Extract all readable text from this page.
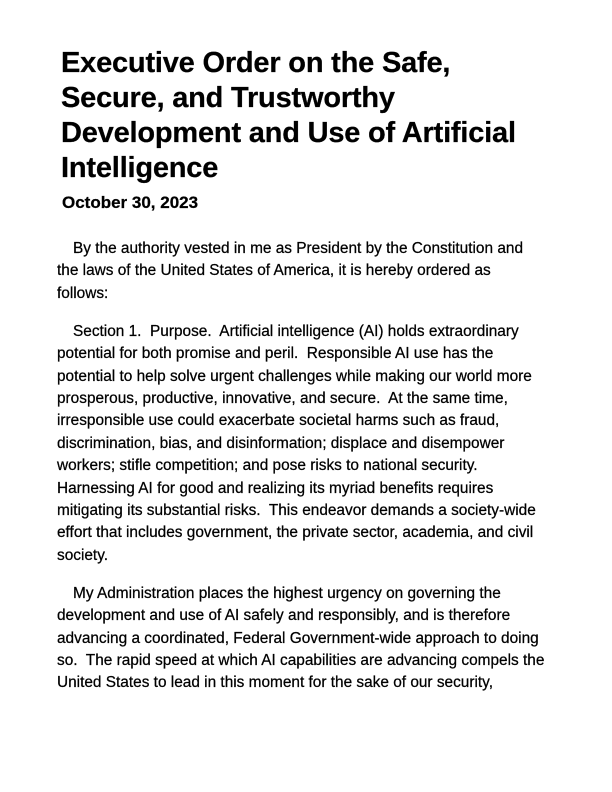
Executive Order on the Safe,
Secure, and Trustworthy
Development and Use of Artificial
Intelligence
October 30, 2023
By the authority vested in me as President by the Constitution and
the laws of the United States of America, it is hereby ordered as
follows:
Section 1.  Purpose.  Artificial intelligence (AI) holds extraordinary
potential for both promise and peril.  Responsible AI use has the
potential to help solve urgent challenges while making our world more
prosperous, productive, innovative, and secure.  At the same time,
irresponsible use could exacerbate societal harms such as fraud,
discrimination, bias, and disinformation; displace and disempower
workers; stifle competition; and pose risks to national security.
Harnessing AI for good and realizing its myriad benefits requires
mitigating its substantial risks.  This endeavor demands a society-wide
effort that includes government, the private sector, academia, and civil
society.
My Administration places the highest urgency on governing the
development and use of AI safely and responsibly, and is therefore
advancing a coordinated, Federal Government-wide approach to doing
so.  The rapid speed at which AI capabilities are advancing compels the
United States to lead in this moment for the sake of our security,
